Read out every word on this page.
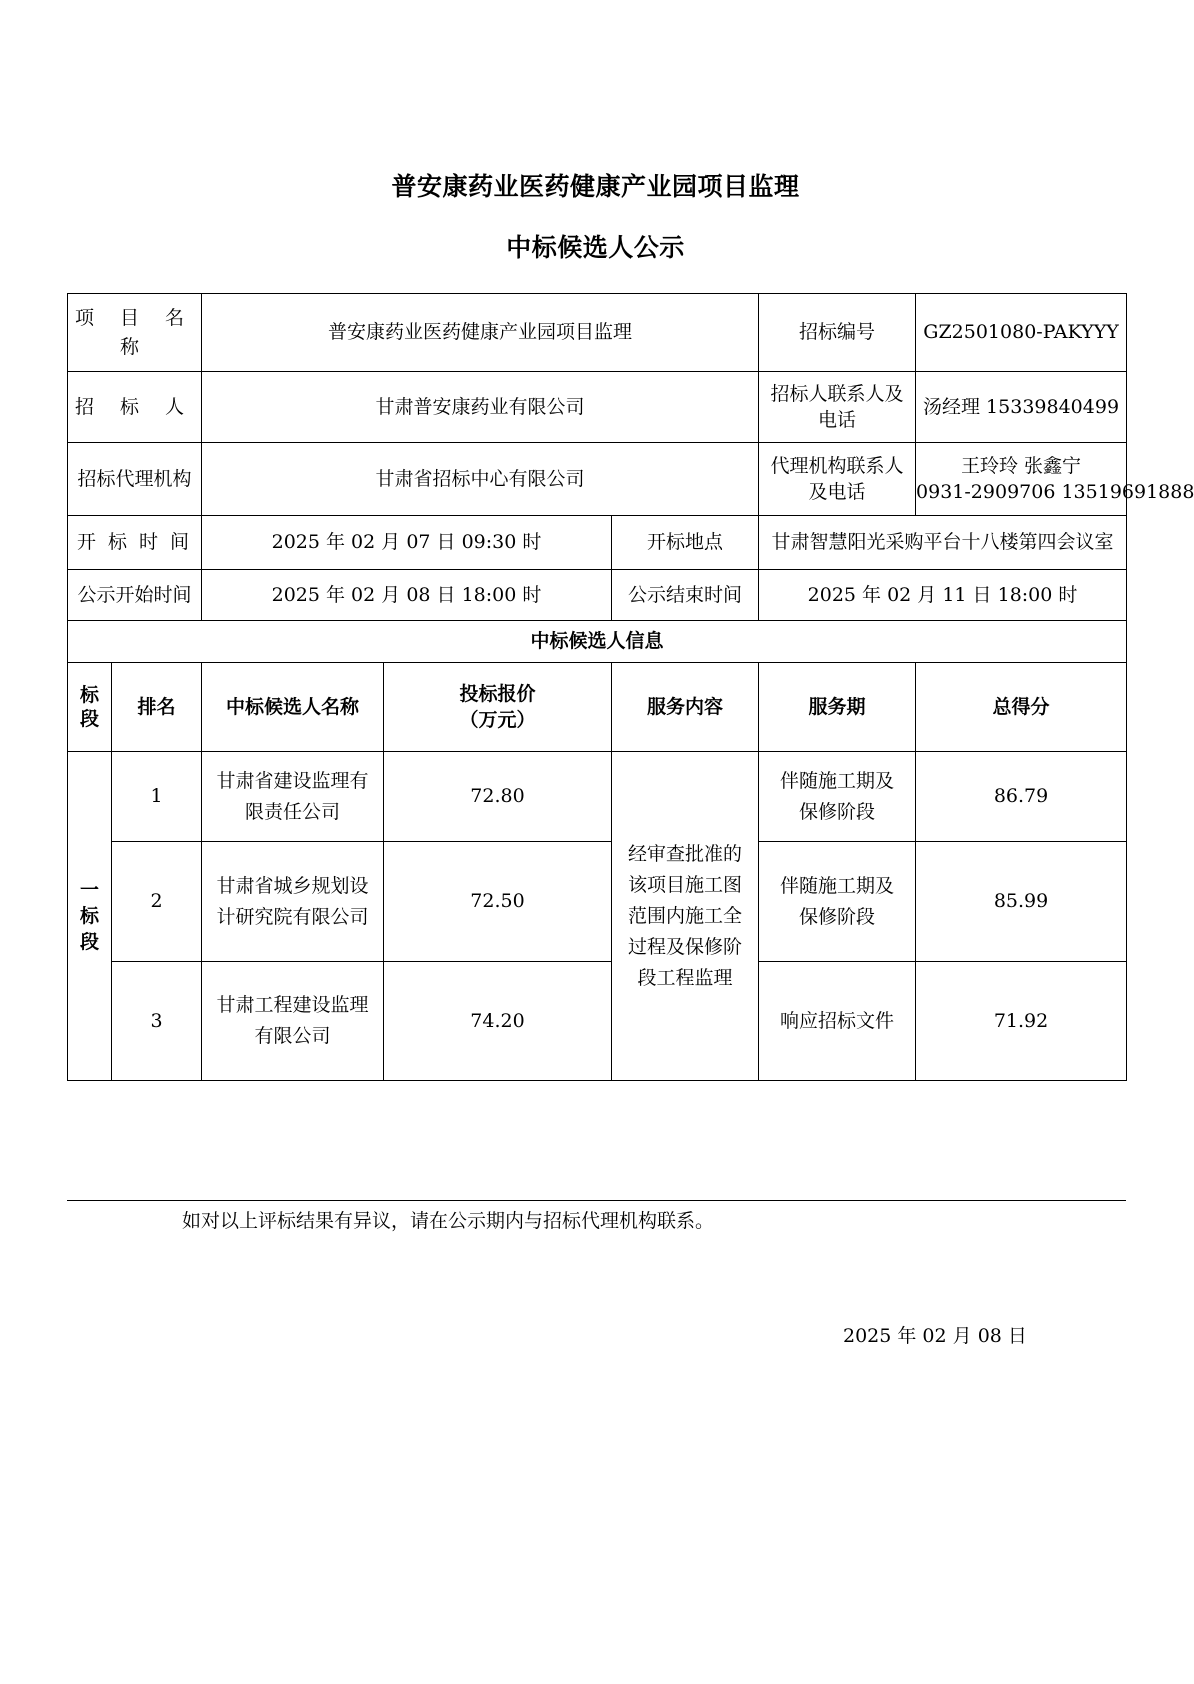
普安康药业医药健康产业园项目监理
中标候选人公示
项 目 名 称		普安康药业医药健康产业园项目监理			招标编号	GZ2501080-PAKYYY
招 标 人		甘肃普安康药业有限公司			招标人联系人及电话	汤经理 15339840499
招标代理机构		甘肃省招标中心有限公司			代理机构联系人及电话	王玲玲 张鑫宁
0931-2909706 13519691888

开 标 时 间		2025 年 02 月 07 日 09:30 时		开标地点	甘肃智慧阳光采购平台十八楼第四会议室	
公示开始时间		2025 年 02 月 08 日 18:00 时		公示结束时间	2025 年 02 月 11 日 18:00 时	
中标候选人信息						
标段	排名	中标候选人名称	投标报价（万元）	服务内容	服务期	总得分
一标段	1	甘肃省建设监理有限责任公司	72.80	经审查批准的该项目施工图范围内施工全过程及保修阶段工程监理	伴随施工期及保修阶段	86.79
	2	甘肃省城乡规划设计研究院有限公司	72.50		伴随施工期及保修阶段	85.99
	3	甘肃工程建设监理有限公司	74.20		响应招标文件	71.92
如对以上评标结果有异议，请在公示期内与招标代理机构联系。
2025 年 02 月 08 日
